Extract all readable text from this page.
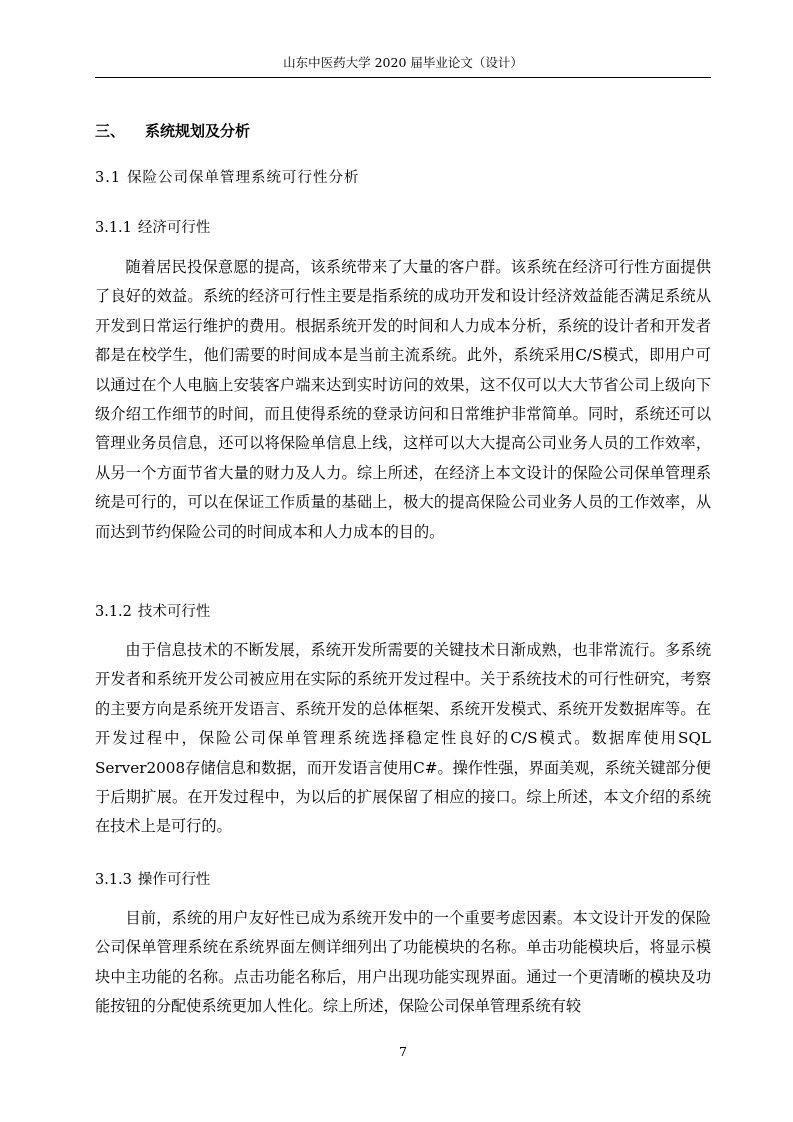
山东中医药大学 2020 届毕业论文（设计）
三、 系统规划及分析
3.1 保险公司保单管理系统可行性分析
3.1.1 经济可行性

随着居民投保意愿的提高，该系统带来了大量的客户群。该系统在经济可行性方面提供了良好的效益。系统的经济可行性主要是指系统的成功开发和设计经济效益能否满足系统从开发到日常运行维护的费用。根据系统开发的时间和人力成本分析，系统的设计者和开发者都是在校学生，他们需要的时间成本是当前主流系统。此外，系统采用C/S模式，即用户可以通过在个人电脑上安装客户端来达到实时访问的效果，这不仅可以大大节省公司上级向下级介绍工作细节的时间，而且使得系统的登录访问和日常维护非常简单。同时，系统还可以管理业务员信息，还可以将保险单信息上线，这样可以大大提高公司业务人员的工作效率，从另一个方面节省大量的财力及人力。综上所述，在经济上本文设计的保险公司保单管理系统是可行的，可以在保证工作质量的基础上，极大的提高保险公司业务人员的工作效率，从而达到节约保险公司的时间成本和人力成本的目的。

3.1.2 技术可行性

由于信息技术的不断发展，系统开发所需要的关键技术日渐成熟，也非常流行。多系统开发者和系统开发公司被应用在实际的系统开发过程中。关于系统技术的可行性研究，考察的主要方向是系统开发语言、系统开发的总体框架、系统开发模式、系统开发数据库等。在开发过程中，保险公司保单管理系统选择稳定性良好的C/S模式。数据库使用SQL Server2008存储信息和数据，而开发语言使用C#。操作性强，界面美观，系统关键部分便于后期扩展。在开发过程中，为以后的扩展保留了相应的接口。综上所述，本文介绍的系统在技术上是可行的。

3.1.3 操作可行性

目前，系统的用户友好性已成为系统开发中的一个重要考虑因素。本文设计开发的保险公司保单管理系统在系统界面左侧详细列出了功能模块的名称。单击功能模块后，将显示模块中主功能的名称。点击功能名称后，用户出现功能实现界面。通过一个更清晰的模块及功能按钮的分配使系统更加人性化。综上所述，保险公司保单管理系统有较

7
